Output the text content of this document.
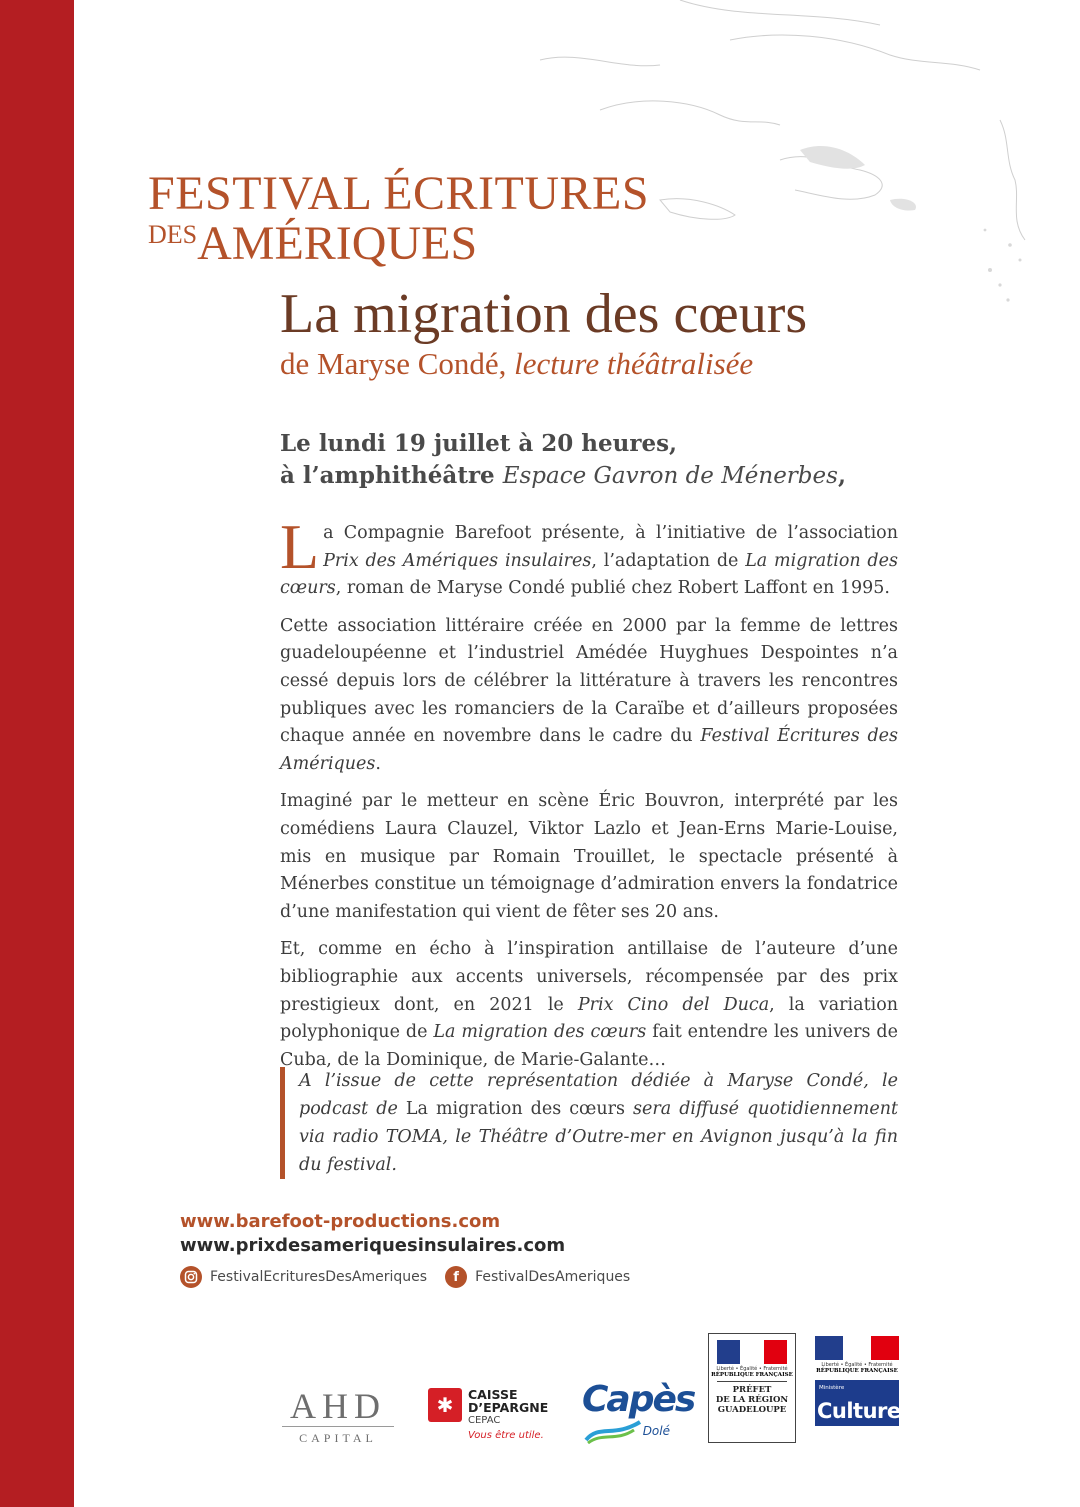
FESTIVAL ÉCRITURES
DESAMÉRIQUES
La migration des cœurs
de Maryse Condé, lecture théâtralisée
Le lundi 19 juillet à 20 heures,
à l’amphithéâtre Espace Gavron de Ménerbes,

La Compagnie Barefoot présente, à l’initiative de l’association Prix des Amériques insulaires, l’adaptation de La migration des cœurs, roman de Maryse Condé publié chez Robert Laffont en 1995.

Cette association littéraire créée en 2000 par la femme de lettres guadeloupéenne et l’industriel Amédée Huyghues Despointes n’a cessé depuis lors de célébrer la littérature à travers les rencontres publiques avec les romanciers de la Caraïbe et d’ailleurs proposées chaque année en novembre dans le cadre du Festival Écritures des Amériques.

Imaginé par le metteur en scène Éric Bouvron, interprété par les comédiens Laura Clauzel, Viktor Lazlo et Jean-Erns Marie-Louise, mis en musique par Romain Trouillet, le spectacle présenté à Ménerbes constitue un témoignage d’admiration envers la fondatrice d’une manifestation qui vient de fêter ses 20 ans.

Et, comme en écho à l’inspiration antillaise de l’auteure d’une bibliographie aux accents universels, récompensée par des prix prestigieux dont, en 2021 le Prix Cino del Duca, la variation polyphonique de La migration des cœurs fait entendre les univers de Cuba, de la Dominique, de Marie-Galante…

A l’issue de cette représentation dédiée à Maryse Condé, le podcast de La migration des cœurs sera diffusé quotidiennement via radio TOMA, le Théâtre d’Outre-mer en Avignon jusqu’à la fin du festival.
www.barefoot-productions.com
www.prixdesameriquesinsulaires.com
FestivalEcrituresDesAmeriques	f	FestivalDesAmeriques
AHD
CAPITAL
✱	CAISSE
D’EPARGNE
CEPAC
Vous être utile.
Capès
Dolé
Liberté • Égalité • Fraternité
RÉPUBLIQUE FRANÇAISE
PRÉFET
DE LA RÉGION
GUADELOUPE
Liberté • Égalité • Fraternité
RÉPUBLIQUE FRANÇAISE
Ministère
Culture
